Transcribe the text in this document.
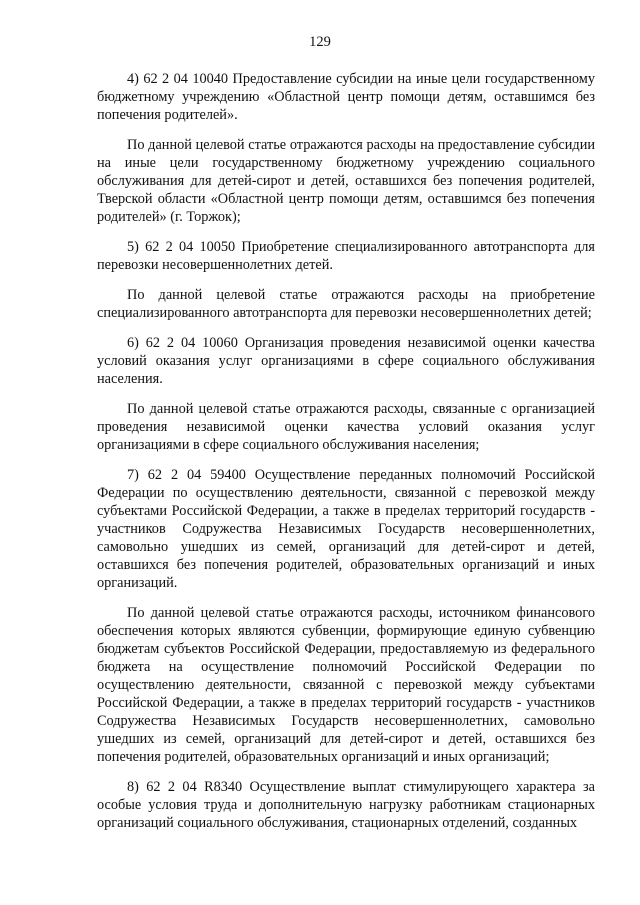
129

4) 62 2 04 10040 Предоставление субсидии на иные цели государственному бюджетному учреждению «Областной центр помощи детям, оставшимся без попечения родителей».

По данной целевой статье отражаются расходы на предоставление субсидии на иные цели государственному бюджетному учреждению социального обслуживания для детей-сирот и детей, оставшихся без попечения родителей, Тверской области «Областной центр помощи детям, оставшимся без попечения родителей» (г. Торжок);

5) 62 2 04 10050 Приобретение специализированного автотранспорта для перевозки несовершеннолетних детей.

По данной целевой статье отражаются расходы на приобретение специализированного автотранспорта для перевозки несовершеннолетних детей;

6) 62 2 04 10060 Организация проведения независимой оценки качества условий оказания услуг организациями в сфере социального обслуживания населения.

По данной целевой статье отражаются расходы, связанные с организацией проведения независимой оценки качества условий оказания услуг организациями в сфере социального обслуживания населения;

7) 62 2 04 59400 Осуществление переданных полномочий Российской Федерации по осуществлению деятельности, связанной с перевозкой между субъектами Российской Федерации, а также в пределах территорий государств - участников Содружества Независимых Государств несовершеннолетних, самовольно ушедших из семей, организаций для детей-сирот и детей, оставшихся без попечения родителей, образовательных организаций и иных организаций.

По данной целевой статье отражаются расходы, источником финансового обеспечения которых являются субвенции, формирующие единую субвенцию бюджетам субъектов Российской Федерации, предоставляемую из федерального бюджета на осуществление полномочий Российской Федерации по осуществлению деятельности, связанной с перевозкой между субъектами Российской Федерации, а также в пределах территорий государств - участников Содружества Независимых Государств несовершеннолетних, самовольно ушедших из семей, организаций для детей-сирот и детей, оставшихся без попечения родителей, образовательных организаций и иных организаций;

8) 62 2 04 R8340 Осуществление выплат стимулирующего характера за особые условия труда и дополнительную нагрузку работникам стационарных организаций социального обслуживания, стационарных отделений, созданных
